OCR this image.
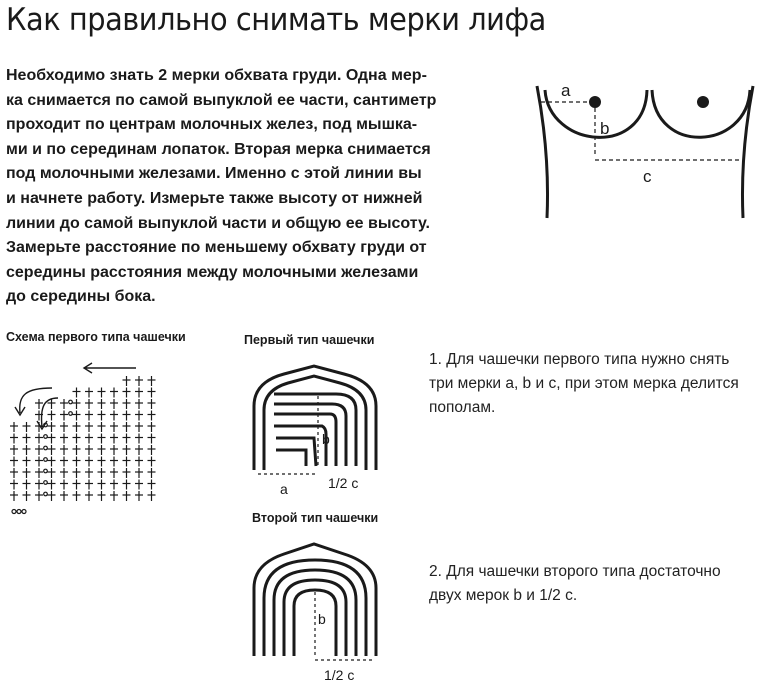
Как правильно снимать мерки лифа

Необходимо знать 2 мерки обхвата груди. Одна мер-
ка снимается по самой выпуклой ее части, сантиметр
проходит по центрам молочных желез, под мышка-
ми и по серединам лопаток. Вторая мерка снимается
под молочными железами. Именно с этой линии вы
и начнете работу. Измерьте также высоту от нижней
линии до самой выпуклой части и общую ее высоту.
Замерьте расстояние по меньшему обхвату груди от
середины расстояния между молочными железами
до середины бока.

a
b
c

Схема первого типа чашечки	Первый тип чашечки

b
a	1/2 с

Второй тип чашечки

b
1/2 с

1. Для чашечки первого типа нужно снять
три мерки a, b и с, при этом мерка делится
пополам.

2. Для чашечки второго типа достаточно
двух мерок b и 1/2 с.
